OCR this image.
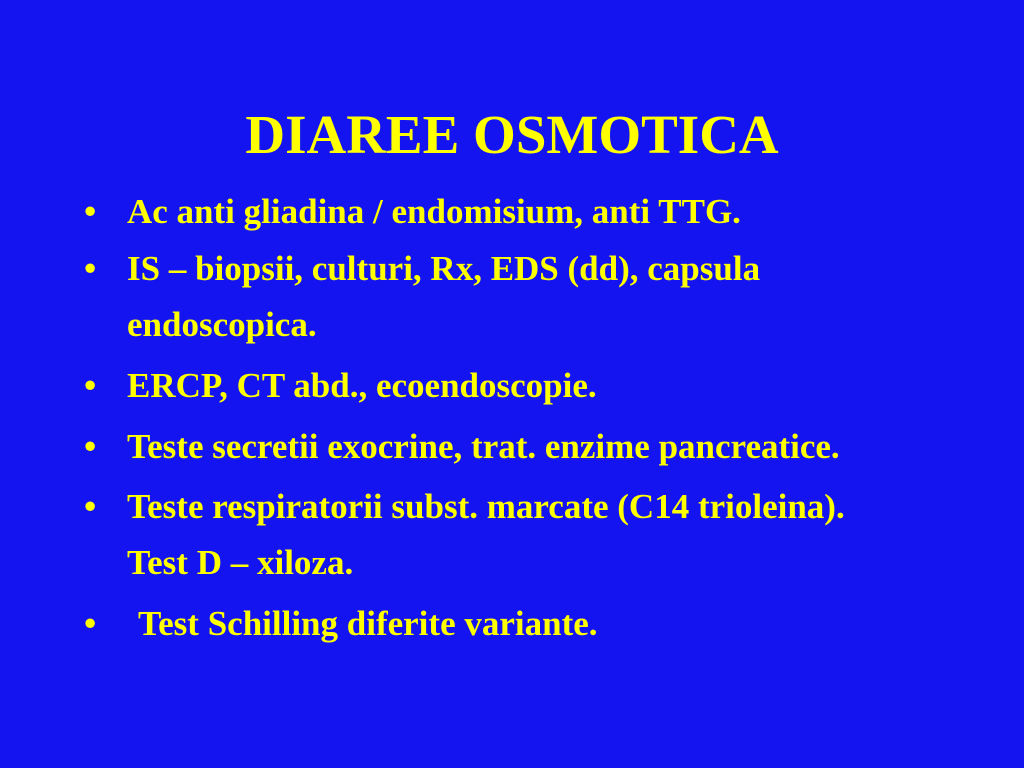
DIAREE OSMOTICA
• Ac anti gliadina / endomisium, anti TTG.
• IS – biopsii, culturi, Rx, EDS (dd), capsula endoscopica.
• ERCP, CT abd., ecoendoscopie.
• Teste secretii exocrine, trat. enzime pancreatice.
• Teste respiratorii subst. marcate (C14 trioleina). Test D – xiloza.
•	Test Schilling diferite variante.
